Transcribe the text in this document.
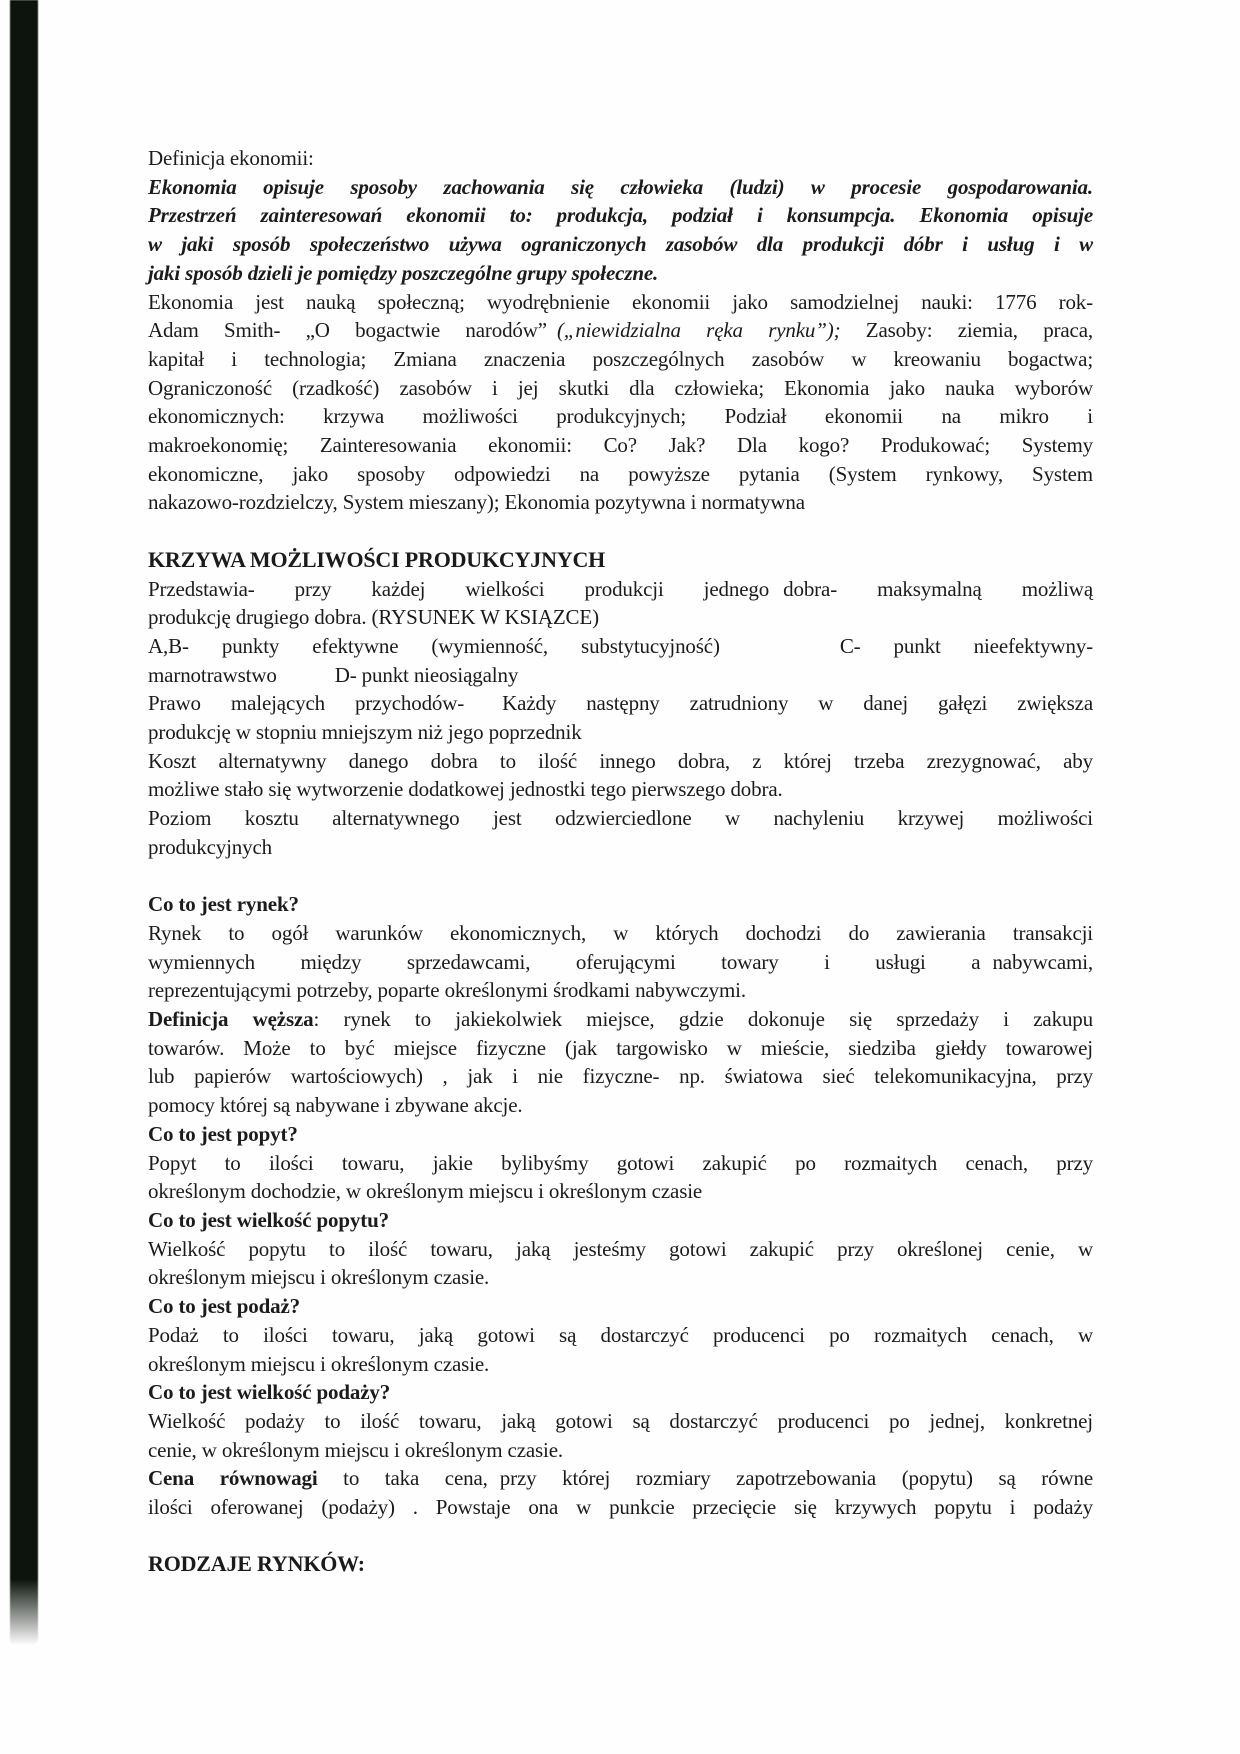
Definicja ekonomii:
Ekonomia opisuje sposoby zachowania się człowieka (ludzi) w procesie gospodarowania.
Przestrzeń zainteresowań ekonomii to: produkcja, podział i konsumpcja. Ekonomia opisuje
w jaki sposób społeczeństwo używa ograniczonych zasobów dla produkcji dóbr i usług i w
jaki sposób dzieli je pomiędzy poszczególne grupy społeczne.
Ekonomia jest nauką społeczną; wyodrębnienie ekonomii jako samodzielnej nauki: 1776 rok-
Adam Smith- „O bogactwie narodów” („niewidzialna ręka rynku”); Zasoby: ziemia, praca,
kapitał i technologia; Zmiana znaczenia poszczególnych zasobów w kreowaniu bogactwa;
Ograniczoność (rzadkość) zasobów i jej skutki dla człowieka; Ekonomia jako nauka wyborów
ekonomicznych: krzywa możliwości produkcyjnych; Podział ekonomii na mikro i
makroekonomię; Zainteresowania ekonomii: Co? Jak? Dla kogo? Produkować; Systemy
ekonomiczne, jako sposoby odpowiedzi na powyższe pytania (System rynkowy, System
nakazowo-rozdzielczy, System mieszany); Ekonomia pozytywna i normatywna
KRZYWA MOŻLIWOŚCI PRODUKCYJNYCH
Przedstawia- przy każdej wielkości produkcji jednego dobra- maksymalną możliwą
produkcję drugiego dobra. (RYSUNEK W KSIĄZCE)
A,B- punkty efektywne (wymienność, substytucyjność)	C- punkt nieefektywny-
marnotrawstwo	D- punkt nieosiągalny
Prawo malejących przychodów- Każdy następny zatrudniony w danej gałęzi zwiększa
produkcję w stopniu mniejszym niż jego poprzednik
Koszt alternatywny danego dobra to ilość innego dobra, z której trzeba zrezygnować, aby
możliwe stało się wytworzenie dodatkowej jednostki tego pierwszego dobra.
Poziom kosztu alternatywnego jest odzwierciedlone w nachyleniu krzywej możliwości
produkcyjnych
Co to jest rynek?
Rynek to ogół warunków ekonomicznych, w których dochodzi do zawierania transakcji
wymiennych między sprzedawcami, oferującymi towary i usługi a nabywcami,
reprezentującymi potrzeby, poparte określonymi środkami nabywczymi.
Definicja węższa: rynek to jakiekolwiek miejsce, gdzie dokonuje się sprzedaży i zakupu
towarów. Może to być miejsce fizyczne (jak targowisko w mieście, siedziba giełdy towarowej
lub papierów wartościowych) , jak i nie fizyczne- np. światowa sieć telekomunikacyjna, przy
pomocy której są nabywane i zbywane akcje.
Co to jest popyt?
Popyt to ilości towaru, jakie bylibyśmy gotowi zakupić po rozmaitych cenach, przy
określonym dochodzie, w określonym miejscu i określonym czasie
Co to jest wielkość popytu?
Wielkość popytu to ilość towaru, jaką jesteśmy gotowi zakupić przy określonej cenie, w
określonym miejscu i określonym czasie.
Co to jest podaż?
Podaż to ilości towaru, jaką gotowi są dostarczyć producenci po rozmaitych cenach, w
określonym miejscu i określonym czasie.
Co to jest wielkość podaży?
Wielkość podaży to ilość towaru, jaką gotowi są dostarczyć producenci po jednej, konkretnej
cenie, w określonym miejscu i określonym czasie.
Cena równowagi to taka cena, przy której rozmiary zapotrzebowania (popytu) są równe
ilości oferowanej (podaży) . Powstaje ona w punkcie przecięcie się krzywych popytu i podaży
RODZAJE RYNKÓW:
